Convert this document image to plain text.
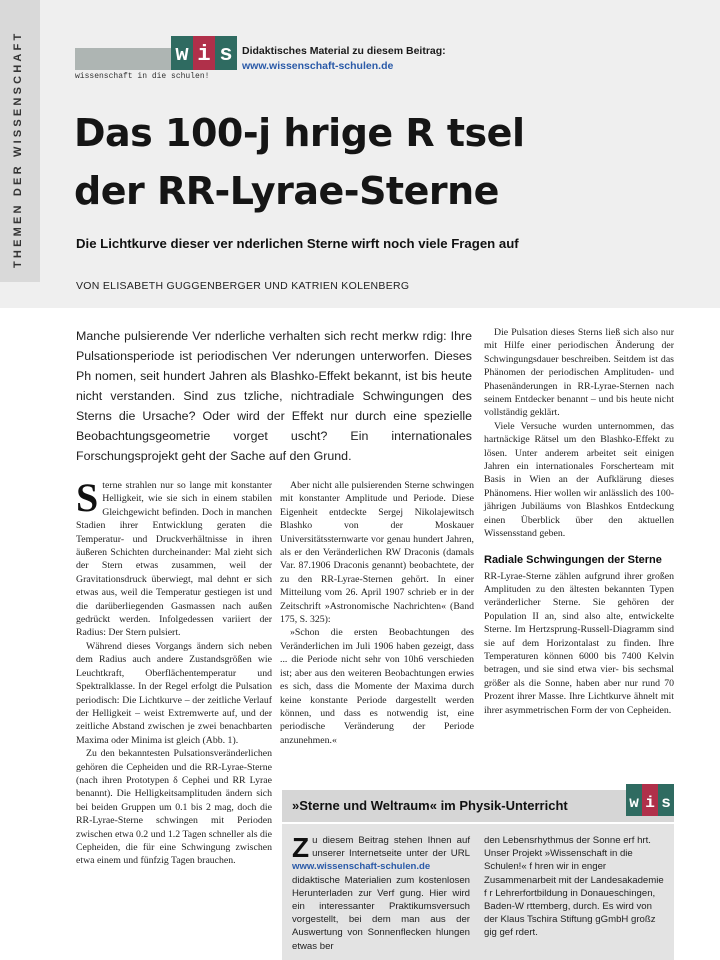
THEMEN DER WISSENSCHAFT	w i s
wissenschaft in die schulen!
Didaktisches Material zu diesem Beitrag:
www.wissenschaft-schulen.de
Das 100-j hrige R tsel
der RR-Lyrae-Sterne
Die Lichtkurve dieser ver nderlichen Sterne wirft noch viele Fragen auf
VON ELISABETH GUGGENBERGER UND KATRIEN KOLENBERG
Manche pulsierende Ver nderliche verhalten sich recht merkw rdig: Ihre Pulsationsperiode ist periodischen Ver nderungen unterworfen. Dieses Ph nomen, seit hundert Jahren als Blashko-Effekt bekannt, ist bis heute nicht verstanden. Sind zus tzliche, nichtradiale Schwingungen des Sterns die Ursache? Oder wird der Effekt nur durch eine spezielle Beobachtungsgeometrie vorget uscht? Ein internationales Forschungsprojekt geht der Sache auf den Grund.

Sterne strahlen nur so lange mit konstanter Helligkeit, wie sie sich in einem stabilen Gleichgewicht befinden. Doch in manchen Stadien ihrer Entwicklung geraten die Temperatur- und Druckverhältnisse in ihren äußeren Schichten durcheinander: Mal zieht sich der Stern etwas zusammen, weil der Gravitationsdruck überwiegt, mal dehnt er sich etwas aus, weil die Temperatur gestiegen ist und die darüberliegenden Gasmassen nach außen gedrückt werden. Infolgedessen variiert der Radius: Der Stern pulsiert.

Während dieses Vorgangs ändern sich neben dem Radius auch andere Zustandsgrößen wie Leuchtkraft, Oberflächentemperatur und Spektralklasse. In der Regel erfolgt die Pulsation periodisch: Die Lichtkurve – der zeitliche Verlauf der Helligkeit – weist Extremwerte auf, und der zeitliche Abstand zwischen je zwei benachbarten Maxima oder Minima ist gleich (Abb. 1).

Zu den bekanntesten Pulsationsveränderlichen gehören die Cepheiden und die RR-Lyrae-Sterne (nach ihren Prototypen δ Cephei und RR Lyrae benannt). Die Helligkeitsamplituden ändern sich bei beiden Gruppen um 0.1 bis 2 mag, doch die RR-Lyrae-Sterne schwingen mit Perioden zwischen etwa 0.2 und 1.2 Tagen schneller als die Cepheiden, die für eine Schwingung zwischen etwa einem und fünfzig Tagen brauchen.

Aber nicht alle pulsierenden Sterne schwingen mit konstanter Amplitude und Periode. Diese Eigenheit entdeckte Sergej Nikolajewitsch Blashko von der Moskauer Universitätssternwarte vor genau hundert Jahren, als er den Veränderlichen RW Draconis (damals Var. 87.1906 Draconis genannt) beobachtete, der zu den RR-Lyrae-Sternen gehört. In einer Mitteilung vom 26. April 1907 schrieb er in der Zeitschrift »Astronomische Nachrichten« (Band 175, S. 325):

»Schon die ersten Beobachtungen des Veränderlichen im Juli 1906 haben gezeigt, dass ... die Periode nicht sehr von 10h6 verschieden ist; aber aus den weiteren Beobachtungen erwies es sich, dass die Momente der Maxima durch keine konstante Periode dargestellt werden können, und dass es notwendig ist, eine periodische Veränderung der Periode anzunehmen.«

Die Pulsation dieses Sterns ließ sich also nur mit Hilfe einer periodischen Änderung der Schwingungsdauer beschreiben. Seitdem ist das Phänomen der periodischen Amplituden- und Phasenänderungen in RR-Lyrae-Sternen nach seinem Entdecker benannt – und bis heute nicht vollständig geklärt.

Viele Versuche wurden unternommen, das hartnäckige Rätsel um den Blashko-Effekt zu lösen. Unter anderem arbeitet seit einigen Jahren ein internationales Forscherteam mit Basis in Wien an der Aufklärung dieses Phänomens. Hier wollen wir anlässlich des 100-jährigen Jubiläums von Blashkos Entdeckung einen Überblick über den aktuellen Wissensstand geben.

Radiale Schwingungen der Sterne

RR-Lyrae-Sterne zählen aufgrund ihrer großen Amplituden zu den ältesten bekannten Typen veränderlicher Sterne. Sie gehören der Population II an, sind also alte, entwickelte Sterne. Im Hertzsprung-Russell-Diagramm sind sie auf dem Horizontalast zu finden. Ihre Temperaturen können 6000 bis 7400 Kelvin betragen, und sie sind etwa vier- bis sechsmal größer als die Sonne, haben aber nur rund 70 Prozent ihrer Masse. Ihre Lichtkurve ähnelt mit ihrer asymmetrischen Form der von Cepheiden.

»Sterne und Weltraum« im Physik-Unterricht	w i s
Zu diesem Beitrag stehen Ihnen auf unserer Internetseite unter der URL www.wissenschaft-schulen.de didaktische Materialien zum kostenlosen Herunterladen zur Verf gung. Hier wird ein interessanter Praktikumsversuch vorgestellt, bei dem man aus der Auswertung von Sonnenflecken hlungen etwas ber
den Lebensrhythmus der Sonne erf hrt. Unser Projekt »Wissenschaft in die Schulen!« f hren wir in enger Zusammenarbeit mit der Landesakademie f r Lehrerfortbildung in Donaueschingen, Baden-W rttemberg, durch. Es wird von der Klaus Tschira Stiftung gGmbH großz gig gef rdert.
